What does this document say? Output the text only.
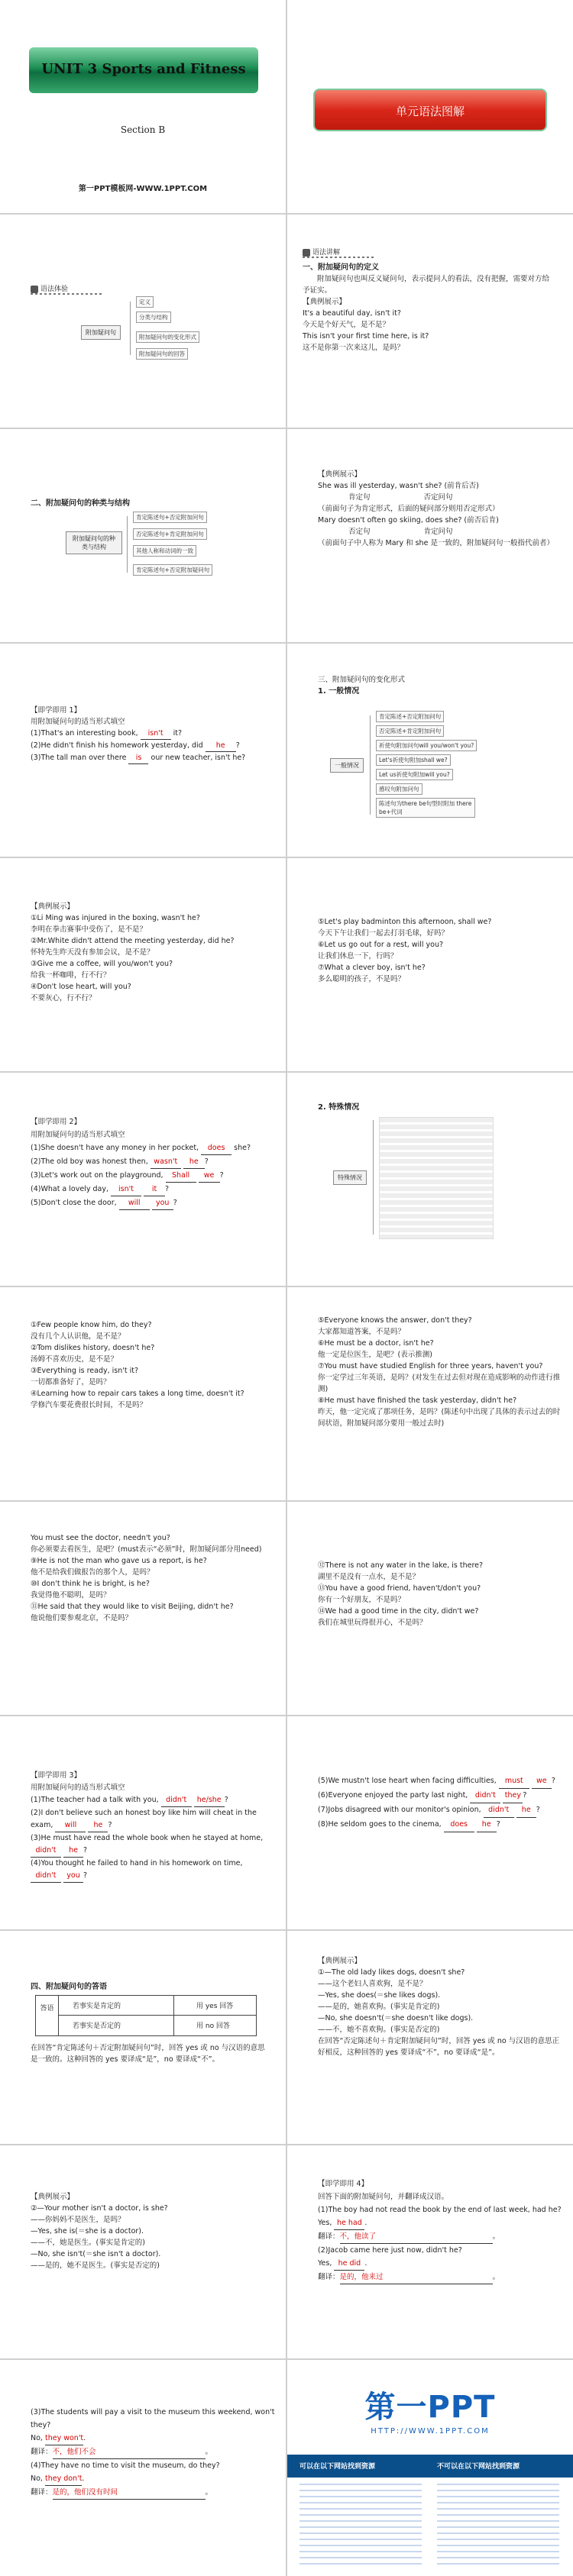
UNIT 3 Sports and Fitness
Section B
第一PPT模板网-WWW.1PPT.COM
单元语法图解
语法体验
附加疑问句
定义
分类与结构
附加疑问句的变化形式
附加疑问句的回答
语法讲解
一、附加疑问句的定义
附加疑问句也叫反义疑问句，表示提问人的看法，没有把握，需要对方给予证实。
【典例展示】
It's a beautiful day, isn't it?
今天是个好天气，是不是？
This isn't your first time here, is it?
这不是你第一次来这儿，是吗？
二、附加疑问句的种类与结构
附加疑问句的种类与结构
肯定陈述句+否定附加问句
否定陈述句+肯定附加问句
其他人称和动词的一致
肯定陈述句+否定附加疑问句
【典例展示】
She was ill yesterday, wasn't she? (前肯后否)
肯定句	否定问句
（前面句子为肯定形式，后面的疑问部分则用否定形式）
Mary doesn't often go skiing, does she? (前否后肯)
否定句	肯定问句
（前面句子中人称为 Mary 和 she 是一致的，附加疑问句一般指代前者）
【即学即用 1】
用附加疑问句的适当形式填空
(1)That's an interesting book, isn't it?
(2)He didn't finish his homework yesterday, did he ?
(3)The tall man over there is our new teacher, isn't he?
三、附加疑问句的变化形式
1. 一般情况
一般情况
肯定陈述+否定附加问句
否定陈述+肯定附加问句
祈使句附加问句will you/won't you?
Let's祈使句附加shall we?
Let us祈使句附加will you?
感叹句附加问句
陈述句为there be句型时附加 there be+代词
【典例展示】
①Li Ming was injured in the boxing, wasn't he?
李明在拳击赛事中受伤了，是不是？
②Mr.White didn't attend the meeting yesterday, did he?
怀特先生昨天没有参加会议，是不是？
③Give me a coffee, will you/won't you?
给我一杯咖啡，行不行？
④Don't lose heart, will you?
不要灰心，行不行？
⑤Let's play badminton this afternoon, shall we?
今天下午让我们一起去打羽毛球，好吗？
⑥Let us go out for a rest, will you?
让我们休息一下，行吗？
⑦What a clever boy, isn't he?
多么聪明的孩子，不是吗？
【即学即用 2】
用附加疑问句的适当形式填空
(1)She doesn't have any money in her pocket, does she?
(2)The old boy was honest then, wasn't he ?
(3)Let's work out on the playground, Shall we ?
(4)What a lovely day, isn't	it ?
(5)Don't close the door, will you ?
2. 特殊情况
特殊情况
①Few people know him, do they?
没有几个人认识他，是不是？
②Tom dislikes history, doesn't he?
汤姆不喜欢历史，是不是？
③Everything is ready, isn't it?
一切都准备好了，是吗？
④Learning how to repair cars takes a long time, doesn't it?
学修汽车要花费很长时间，不是吗？
⑤Everyone knows the answer, don't they?
大家都知道答案，不是吗？
⑥He must be a doctor, isn't he?
他一定是位医生，是吧？(表示推测)
⑦You must have studied English for three years, haven't you?
你一定学过三年英语，是吗？(对发生在过去但对现在造成影响的动作进行推测)
⑧He must have finished the task yesterday, didn't he?
昨天，他一定完成了那项任务，是吗？(陈述句中出现了具体的表示过去的时间状语，附加疑问部分要用一般过去时)
You must see the doctor, needn't you?
你必须要去看医生，是吧？(must表示“必须”时，附加疑问部分用need)
⑨He is not the man who gave us a report, is he?
他不是给我们做报告的那个人，是吗？
⑩I don't think he is bright, is he?
我觉得他不聪明，是吗？
⑪He said that they would like to visit Beijing, didn't he?
他说他们要参观北京，不是吗？
⑫There is not any water in the lake, is there?
湖里不是没有一点水，是不是？
⑬You have a good friend, haven't/don't you?
你有一个好朋友，不是吗？
⑭We had a good time in the city, didn't we?
我们在城里玩得很开心，不是吗？
【即学即用 3】
用附加疑问句的适当形式填空
(1)The teacher had a talk with you, didn't he/she ?
(2)I don't believe such an honest boy like him will cheat in the exam, will he ?
(3)He must have read the whole book when he stayed at home, didn't he ?
(4)You thought he failed to hand in his homework on time, didn't you ?
(5)We mustn't lose heart when facing difficulties, must we ?
(6)Everyone enjoyed the party last night, didn't they ?
(7)Jobs disagreed with our monitor's opinion, didn't he ?
(8)He seldom goes to the cinema, does he ?
四、附加疑问句的答语
答语	若事实是肯定的	用 yes 回答
若事实是否定的	用 no 回答
在回答“肯定陈述句＋否定附加疑问句”时，回答 yes 或 no 与汉语的意思是一致的。这种回答的 yes 要译成“是”，no 要译成“不”。
【典例展示】
①—The old lady likes dogs, doesn't she?
——这个老妇人喜欢狗，是不是？
—Yes, she does(＝she likes dogs).
——是的，她喜欢狗。(事实是肯定的)
—No, she doesn't(＝she doesn't like dogs).
——不，她不喜欢狗。(事实是否定的)
在回答“否定陈述句＋肯定附加疑问句”时，回答 yes 或 no 与汉语的意思正好相反，这种回答的 yes 要译成“不”，no 要译成“是”。
【典例展示】
②—Your mother isn't a doctor, is she?
——你妈妈不是医生，是吗？
—Yes, she is(＝she is a doctor).
——不，她是医生。(事实是肯定的)
—No, she isn't(＝she isn't a doctor).
——是的，她不是医生。(事实是否定的)
【即学即用 4】
回答下面的附加疑问句，并翻译成汉语。
(1)The boy had not read the book by the end of last week, had he?
Yes, he had .
翻译：不，他读了	。
(2)Jacob came here just now, didn't he?
Yes, he did .
翻译：是的，他来过	。
(3)The students will pay a visit to the museum this weekend, won't they?
No, they won't.
翻译：不，他们不会	。
(4)They have no time to visit the museum, do they?
No, they don't.
翻译：是的，他们没有时间	。
第一PPT
HTTP://WWW.1PPT.COM
可以在以下网站找到资源	不可以在以下网站找到资源
